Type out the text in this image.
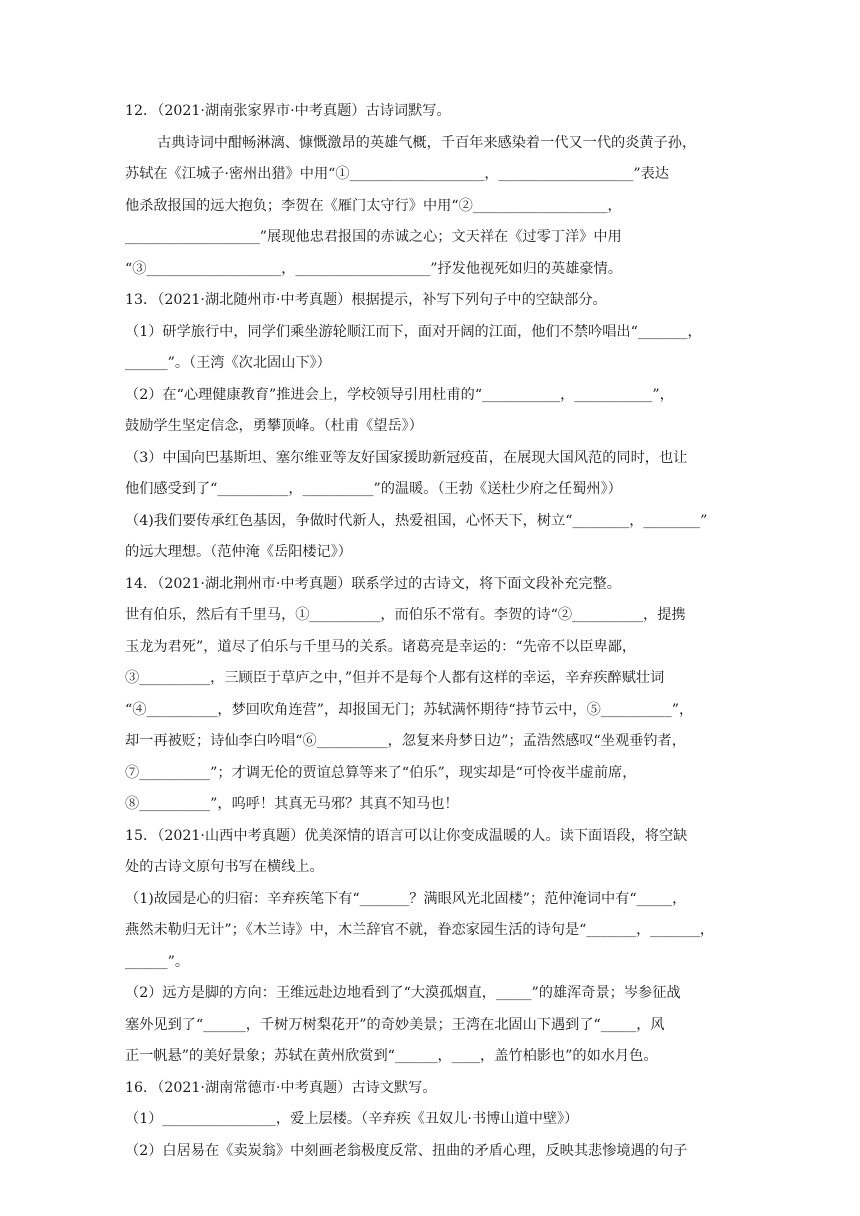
12．（2021·湖南张家界市·中考真题）古诗词默写。

古典诗词中酣畅淋漓、慷慨激昂的英雄气概，千百年来感染着一代又一代的炎黄子孙，

苏轼在《江城子·密州出猎》中用“①___________________，___________________”表达

他杀敌报国的远大抱负；李贺在《雁门太守行》中用“②___________________，

___________________”展现他忠君报国的赤诚之心；文天祥在《过零丁洋》中用

“③___________________，___________________”抒发他视死如归的英雄豪情。

13．（2021·湖北随州市·中考真题）根据提示，补写下列句子中的空缺部分。

（1）研学旅行中，同学们乘坐游轮顺江而下，面对开阔的江面，他们不禁吟唱出“_______，

______”。（王湾《次北固山下》）

（2）在“心理健康教育”推进会上，学校领导引用杜甫的“___________，___________”，

鼓励学生坚定信念，勇攀顶峰。（杜甫《望岳》）

（3）中国向巴基斯坦、塞尔维亚等友好国家援助新冠疫苗，在展现大国风范的同时，也让

他们感受到了“__________，__________”的温暖。（王勃《送杜少府之任蜀州》）

（4)我们要传承红色基因，争做时代新人，热爱祖国，心怀天下，树立“________，________”

的远大理想。（范仲淹《岳阳楼记》）

14．（2021·湖北荆州市·中考真题）联系学过的古诗文，将下面文段补充完整。

世有伯乐，然后有千里马，①__________，而伯乐不常有。李贺的诗“②__________，提携

玉龙为君死”，道尽了伯乐与千里马的关系。诸葛亮是幸运的：“先帝不以臣卑鄙，

③__________，三顾臣于草庐之中，”但并不是每个人都有这样的幸运，辛弃疾醉赋壮词

“④__________，梦回吹角连营”，却报国无门；苏轼满怀期待“持节云中，⑤__________”，

却一再被贬；诗仙李白吟唱“⑥__________，忽复来舟梦日边”；孟浩然感叹“坐观垂钓者，

⑦__________”；才调无伦的贾谊总算等来了“伯乐”，现实却是“可怜夜半虚前席，

⑧__________”，呜呼！其真无马邪？其真不知马也！

15．（2021·山西中考真题）优美深情的语言可以让你变成温暖的人。读下面语段，将空缺

处的古诗文原句书写在横线上。

（1)故园是心的归宿：辛弃疾笔下有“_______？满眼风光北固楼”；范仲淹词中有“_____，

燕然未勒归无计”；《木兰诗》中，木兰辞官不就，眷恋家园生活的诗句是“_______，_______，

______”。

（2）远方是脚的方向：王维远赴边地看到了“大漠孤烟直，_____”的雄浑奇景；岑参征战

塞外见到了“______，千树万树梨花开”的奇妙美景；王湾在北固山下遇到了“_____，风

正一帆悬”的美好景象；苏轼在黄州欣赏到“______，____，盖竹柏影也”的如水月色。

16．（2021·湖南常德市·中考真题）古诗文默写。

（1）________________，爱上层楼。（辛弃疾《丑奴儿·书博山道中壁》）

（2）白居易在《卖炭翁》中刻画老翁极度反常、扭曲的矛盾心理，反映其悲惨境遇的句子
